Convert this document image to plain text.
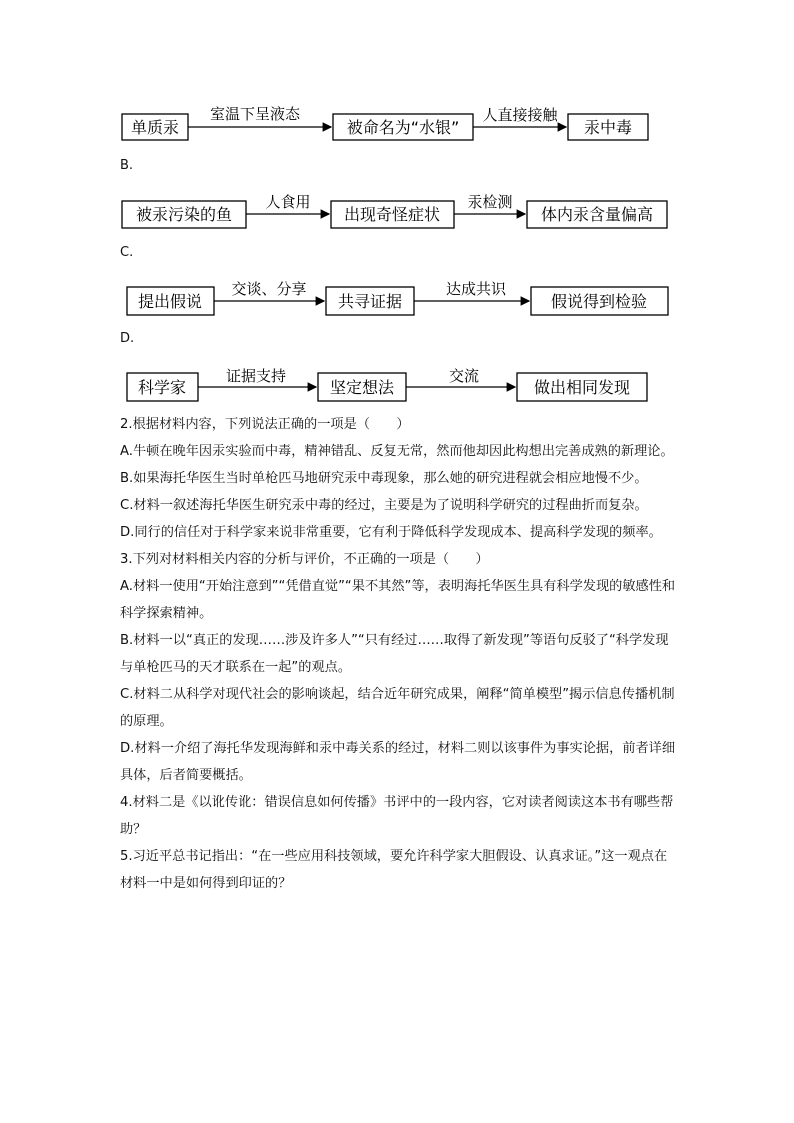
单质汞
室温下呈液态
被命名为“水银”
人直接接触
汞中毒
被汞污染的鱼
人食用
出现奇怪症状
汞检测
体内汞含量偏高
提出假说
交谈、分享
共寻证据
达成共识
假说得到检验
科学家
证据支持
坚定想法
交流
做出相同发现
B.
C.
D.

2.根据材料内容，下列说法正确的一项是（　　）

A.牛顿在晚年因汞实验而中毒，精神错乱、反复无常，然而他却因此构想出完善成熟的新理论。

B.如果海托华医生当时单枪匹马地研究汞中毒现象，那么她的研究进程就会相应地慢不少。

C.材料一叙述海托华医生研究汞中毒的经过，主要是为了说明科学研究的过程曲折而复杂。

D.同行的信任对于科学家来说非常重要，它有利于降低科学发现成本、提高科学发现的频率。

3.下列对材料相关内容的分析与评价，不正确的一项是（　　）

A.材料一使用“开始注意到”“凭借直觉”“果不其然”等，表明海托华医生具有科学发现的敏感性和科学探索精神。

B.材料一以“真正的发现……涉及许多人”“只有经过……取得了新发现”等语句反驳了“科学发现与单枪匹马的天才联系在一起”的观点。

C.材料二从科学对现代社会的影响谈起，结合近年研究成果，阐释“简单模型”揭示信息传播机制的原理。

D.材料一介绍了海托华发现海鲜和汞中毒关系的经过，材料二则以该事件为事实论据，前者详细具体，后者简要概括。

4.材料二是《以讹传讹：错误信息如何传播》书评中的一段内容，它对读者阅读这本书有哪些帮助？

5.习近平总书记指出：“在一些应用科技领域，要允许科学家大胆假设、认真求证。”这一观点在材料一中是如何得到印证的？
